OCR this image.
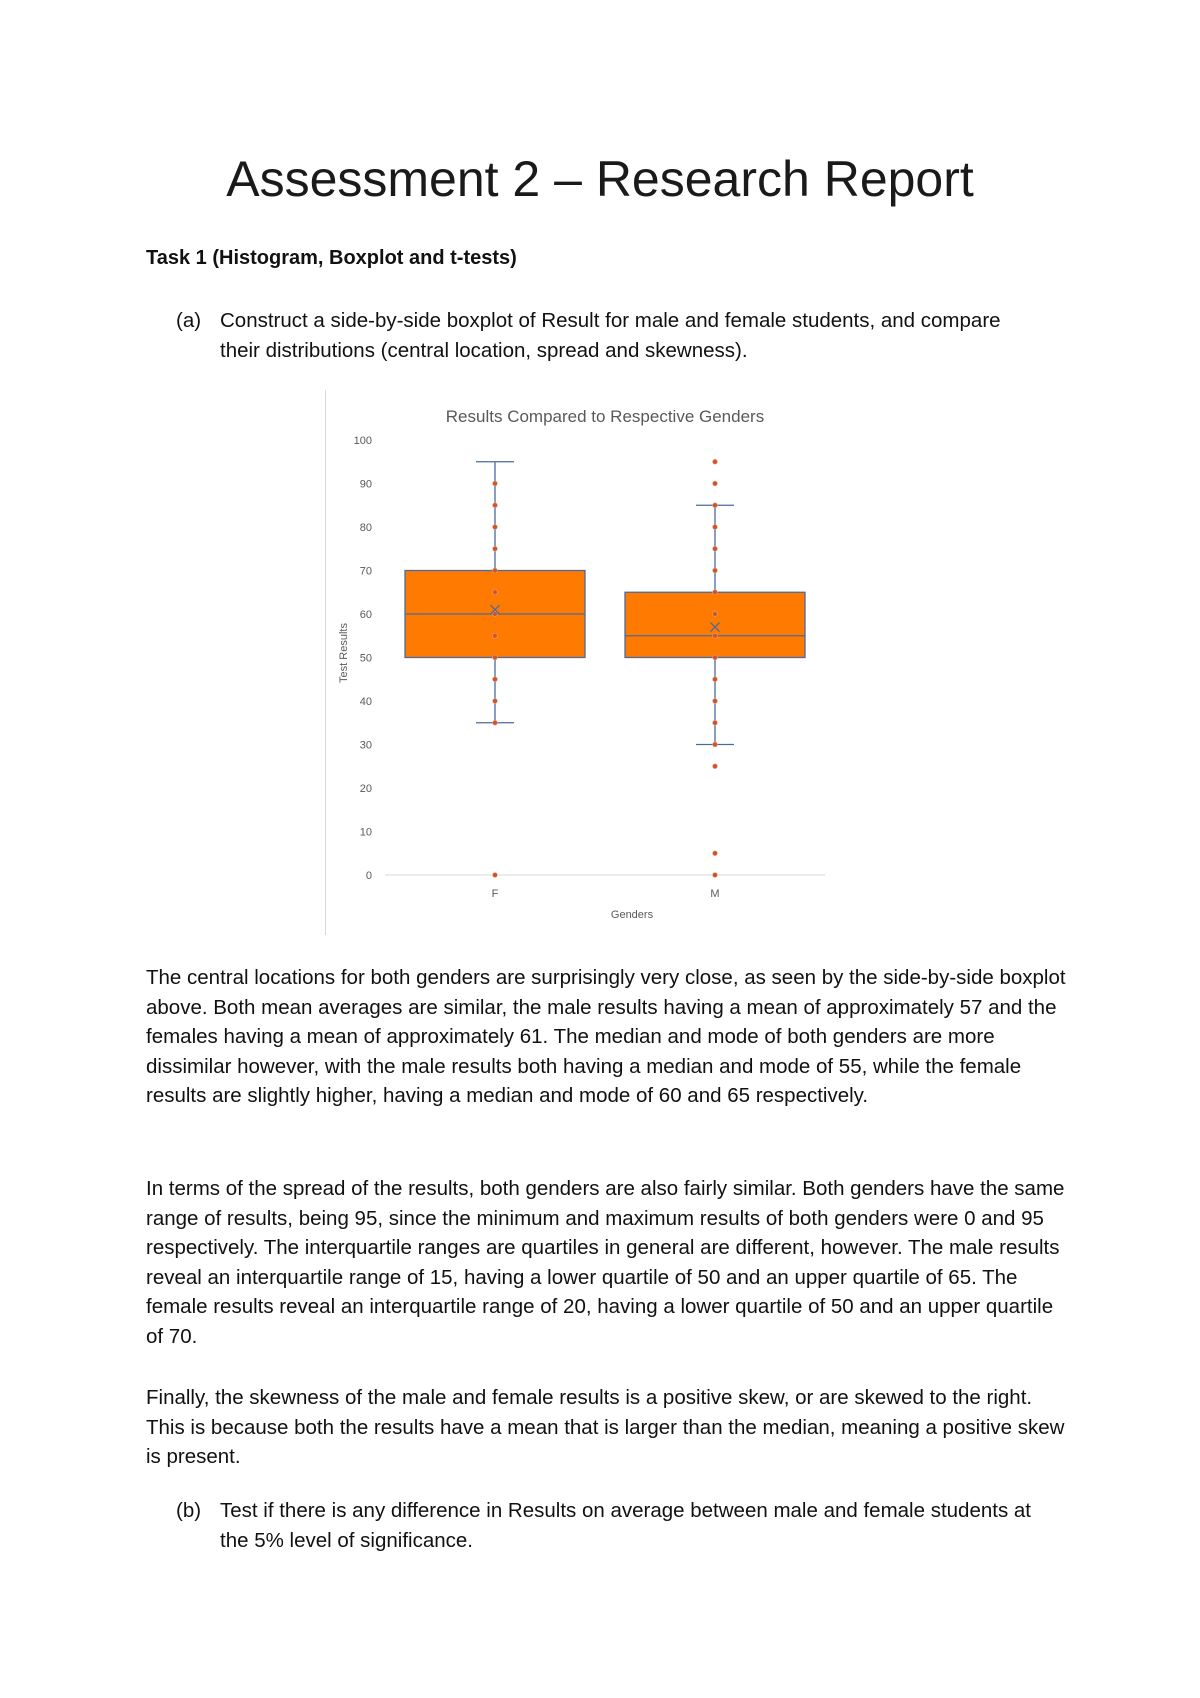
Assessment 2 – Research Report
Task 1 (Histogram, Boxplot and t-tests)
(a) Construct a side-by-side boxplot of Result for male and female students, and compare their distributions (central location, spread and skewness).
Results Compared to Respective Genders
Genders
Test Results
0
10
20
30
40
50
60
70
80
90
100
F	M

The central locations for both genders are surprisingly very close, as seen by the side-by-side boxplot above. Both mean averages are similar, the male results having a mean of approximately 57 and the females having a mean of approximately 61. The median and mode of both genders are more dissimilar however, with the male results both having a median and mode of 55, while the female results are slightly higher, having a median and mode of 60 and 65 respectively.

In terms of the spread of the results, both genders are also fairly similar. Both genders have the same range of results, being 95, since the minimum and maximum results of both genders were 0 and 95 respectively. The interquartile ranges are quartiles in general are different, however. The male results reveal an interquartile range of 15, having a lower quartile of 50 and an upper quartile of 65. The female results reveal an interquartile range of 20, having a lower quartile of 50 and an upper quartile of 70.

Finally, the skewness of the male and female results is a positive skew, or are skewed to the right. This is because both the results have a mean that is larger than the median, meaning a positive skew is present.

(b) Test if there is any difference in Results on average between male and female students at the 5% level of significance.
